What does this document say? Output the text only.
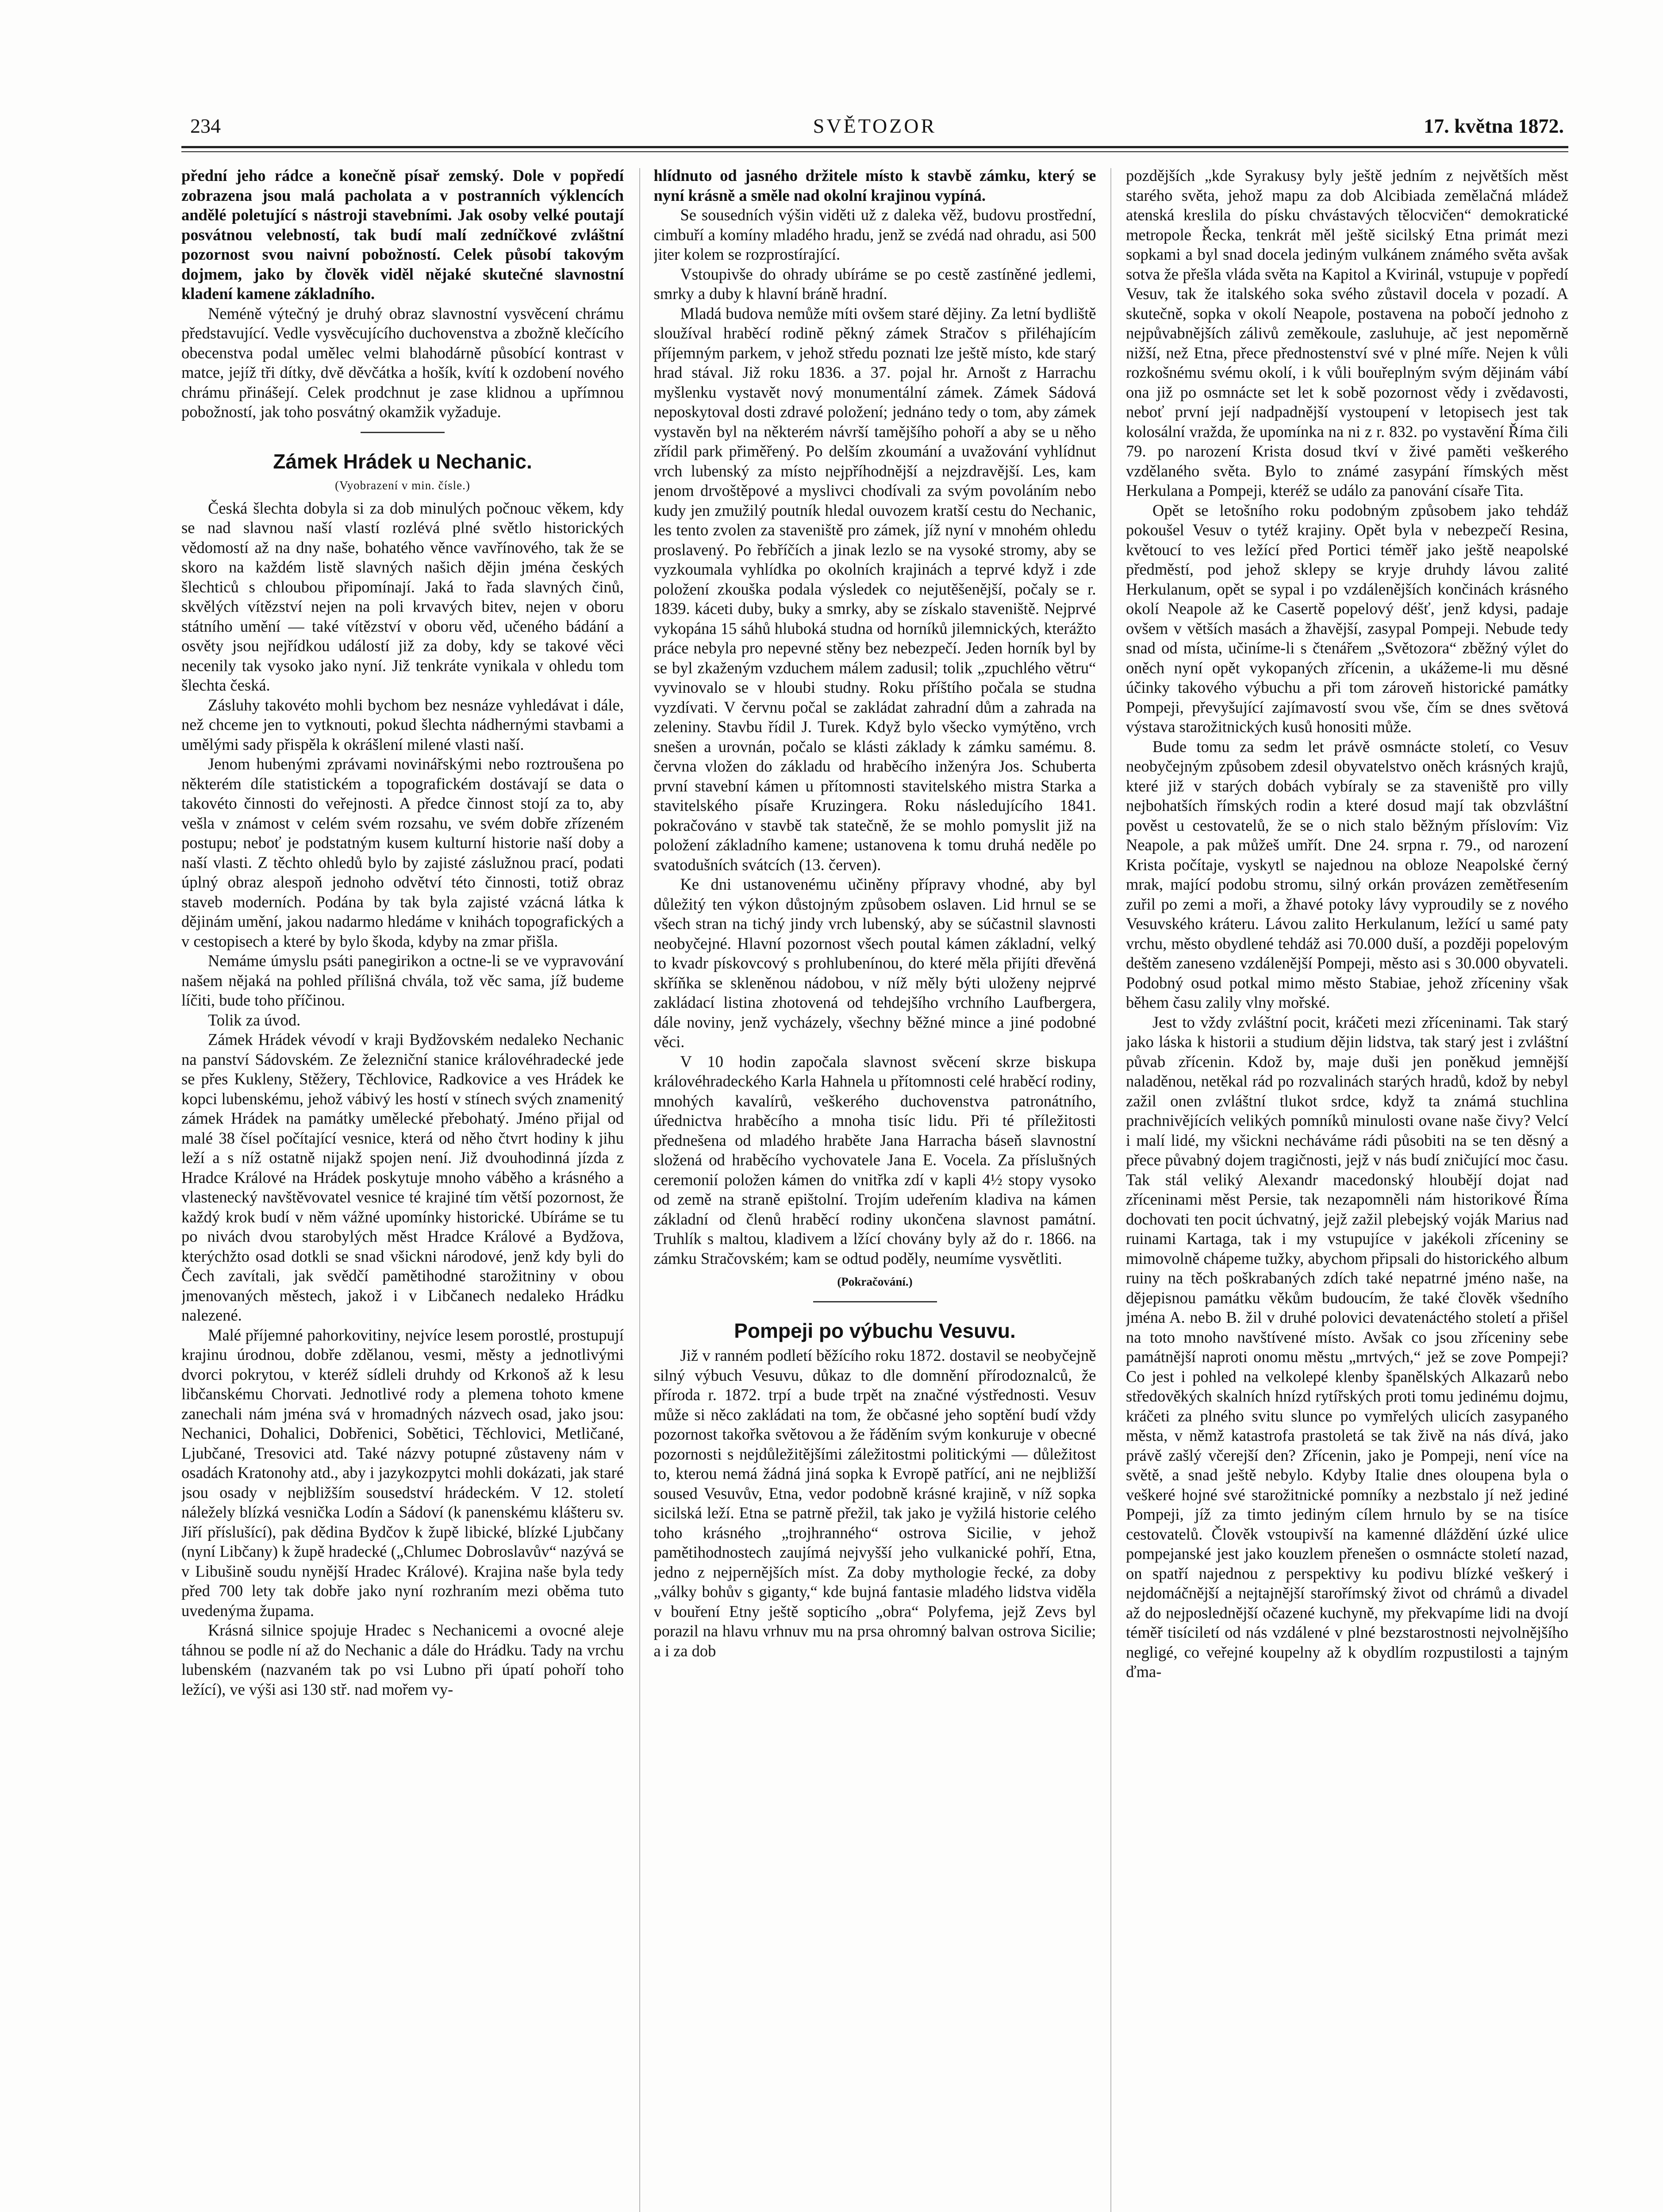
234	SVĚTOZOR	17. května 1872.

přední jeho rádce a konečně písař zemský. Dole v popředí zobrazena jsou malá pacholata a v postranních výklencích andělé poletující s nástroji stavebními. Jak osoby velké poutají posvátnou velebností, tak budí malí zedníčkové zvláštní pozornost svou naivní pobožností. Celek působí takovým dojmem, jako by člověk viděl nějaké skutečné slavnostní kladení kamene základního.

Neméně výtečný je druhý obraz slavnostní vysvěcení chrámu představující. Vedle vysvěcujícího duchovenstva a zbožně klečícího obecenstva podal umělec velmi blahodárně působící kontrast v matce, jejíž tři dítky, dvě děvčátka a hošík, kvítí k ozdobení nového chrámu přinášejí. Celek prodchnut je zase klidnou a upřímnou pobožností, jak toho posvátný okamžik vyžaduje.

Zámek Hrádek u Nechanic.
(Vyobrazení v min. čísle.)

Česká šlechta dobyla si za dob minulých počnouc věkem, kdy se nad slavnou naší vlastí rozlévá plné světlo historických vědomostí až na dny naše, bohatého věnce vavřínového, tak že se skoro na každém listě slavných našich dějin jména českých šlechticů s chloubou připomínají. Jaká to řada slavných činů, skvělých vítězství nejen na poli krvavých bitev, nejen v oboru státního umění — také vítězství v oboru věd, učeného bádání a osvěty jsou nejřídkou událostí již za doby, kdy se takové věci necenily tak vysoko jako nyní. Již tenkráte vynikala v ohledu tom šlechta česká.

Zásluhy takovéto mohli bychom bez nesnáze vyhledávat i dále, než chceme jen to vytknouti, pokud šlechta nádhernými stavbami a umělými sady přispěla k okrášlení milené vlasti naší.

Jenom hubenými zprávami novinářskými nebo roztroušena po některém díle statistickém a topografickém dostávají se data o takovéto činnosti do veřejnosti. A předce činnost stojí za to, aby vešla v známost v celém svém rozsahu, ve svém dobře zřízeném postupu; neboť je podstatným kusem kulturní historie naší doby a naší vlasti. Z těchto ohledů bylo by zajisté záslužnou prací, podati úplný obraz alespoň jednoho odvětví této činnosti, totiž obraz staveb moderních. Podána by tak byla zajisté vzácná látka k dějinám umění, jakou nadarmo hledáme v knihách topografických a v cestopisech a které by bylo škoda, kdyby na zmar přišla.

Nemáme úmyslu psáti panegirikon a octne-li se ve vypravování našem nějaká na pohled přílišná chvála, tož věc sama, jíž budeme líčiti, bude toho příčinou.

Tolik za úvod.

Zámek Hrádek vévodí v kraji Bydžovském nedaleko Nechanic na panství Sádovském. Ze železniční stanice královéhradecké jede se přes Kukleny, Stěžery, Těchlovice, Radkovice a ves Hrádek ke kopci lubenskému, jehož vábivý les hostí v stínech svých znamenitý zámek Hrádek na památky umělecké přebohatý. Jméno přijal od malé 38 čísel počítající vesnice, která od něho čtvrt hodiny k jihu leží a s níž ostatně nijakž spojen není. Již dvouhodinná jízda z Hradce Králové na Hrádek poskytuje mnoho váběho a krásného a vlastenecký navštěvovatel vesnice té krajiné tím větší pozornost, že každý krok budí v něm vážné upomínky historické. Ubíráme se tu po nivách dvou starobylých měst Hradce Králové a Bydžova, kterýchžto osad dotkli se snad všickni národové, jenž kdy byli do Čech zavítali, jak svědčí pamětihodné starožitniny v obou jmenovaných městech, jakož i v Libčanech nedaleko Hrádku nalezené.

Malé příjemné pahorkovitiny, nejvíce lesem porostlé, prostupují krajinu úrodnou, dobře zdělanou, vesmi, městy a jednotlivými dvorci pokrytou, v kteréž sídleli druhdy od Krkonoš až k lesu libčanskému Chorvati. Jednotlivé rody a plemena tohoto kmene zanechali nám jména svá v hromadných názvech osad, jako jsou: Nechanici, Dohalici, Dobřenici, Sobětici, Těchlovici, Metličané, Ljubčané, Tresovici atd. Také názvy potupné zůstaveny nám v osadách Kratonohy atd., aby i jazykozpytci mohli dokázati, jak staré jsou osady v nejbližším sousedství hrádeckém. V 12. století náležely blízká vesnička Lodín a Sádoví (k panenskému klášteru sv. Jiří příslušící), pak dědina Bydčov k župě libické, blízké Ljubčany (nyní Libčany) k župě hradecké („Chlumec Dobroslavův“ nazývá se v Libušině soudu nynější Hradec Králové). Krajina naše byla tedy před 700 lety tak dobře jako nyní rozhraním mezi oběma tuto uvedenýma župama.

Krásná silnice spojuje Hradec s Nechanicemi a ovocné aleje táhnou se podle ní až do Nechanic a dále do Hrádku. Tady na vrchu lubenském (nazvaném tak po vsi Lubno při úpatí pohoří toho ležící), ve výši asi 130 stř. nad mořem vy-

hlídnuto od jasného držitele místo k stavbě zámku, který se nyní krásně a směle nad okolní krajinou vypíná.

Se sousedních výšin viděti už z daleka věž, budovu prostřední, cimbuří a komíny mladého hradu, jenž se zvédá nad ohradu, asi 500 jiter kolem se rozprostírající.

Vstoupivše do ohrady ubíráme se po cestě zastíněné jedlemi, smrky a duby k hlavní bráně hradní.

Mladá budova nemůže míti ovšem staré dějiny. Za letní bydliště sloužíval hraběcí rodině pěkný zámek Stračov s přiléhajícím příjemným parkem, v jehož středu poznati lze ještě místo, kde starý hrad stával. Již roku 1836. a 37. pojal hr. Arnošt z Harrachu myšlenku vystavět nový monumentální zámek. Zámek Sádová neposkytoval dosti zdravé položení; jednáno tedy o tom, aby zámek vystavěn byl na některém návrší tamějšího pohoří a aby se u něho zřídil park přiměřený. Po delším zkoumání a uvažování vyhlídnut vrch lubenský za místo nejpříhodnější a nejzdravější. Les, kam jenom drvoštěpové a myslivci chodívali za svým povoláním nebo kudy jen zmužilý poutník hledal ouvozem kratší cestu do Nechanic, les tento zvolen za staveniště pro zámek, jíž nyní v mnohém ohledu proslavený. Po řebříčích a jinak lezlo se na vysoké stromy, aby se vyzkoumala vyhlídka po okolních krajinách a teprvé když i zde položení zkouška podala výsledek co nejutěšenější, počaly se r. 1839. káceti duby, buky a smrky, aby se získalo staveniště. Nejprvé vykopána 15 sáhů hluboká studna od horníků jilemnických, kterážto práce nebyla pro nepevné stěny bez nebezpečí. Jeden horník byl by se byl zkaženým vzduchem málem zadusil; tolik „zpuchlého větru“ vyvinovalo se v hloubi studny. Roku příštího počala se studna vyzdívati. V červnu počal se zakládat zahradní dům a zahrada na zeleniny. Stavbu řídil J. Turek. Když bylo všecko vymýtěno, vrch snešen a urovnán, počalo se klásti základy k zámku samému. 8. června vložen do základu od hraběcího inženýra Jos. Schuberta první stavební kámen u přítomnosti stavitelského mistra Starka a stavitelského písaře Kruzingera. Roku následujícího 1841. pokračováno v stavbě tak statečně, že se mohlo pomyslit již na položení základního kamene; ustanovena k tomu druhá neděle po svatodušních svátcích (13. červen).

Ke dni ustanovenému učiněny přípravy vhodné, aby byl důležitý ten výkon důstojným způsobem oslaven. Lid hrnul se se všech stran na tichý jindy vrch lubenský, aby se súčastnil slavnosti neobyčejné. Hlavní pozornost všech poutal kámen základní, velký to kvadr pískovcový s prohlubenínou, do které měla přijíti dřevěná skříňka se skleněnou nádobou, v níž měly býti uloženy nejprvé zakládací listina zhotovená od tehdejšího vrchního Laufbergera, dále noviny, jenž vycházely, všechny běžné mince a jiné podobné věci.

V 10 hodin započala slavnost svěcení skrze biskupa královéhradeckého Karla Hahnela u přítomnosti celé hraběcí rodiny, mnohých kavalírů, veškerého duchovenstva patronátního, úřednictva hraběcího a mnoha tisíc lidu. Při té příležitosti přednešena od mladého hraběte Jana Harracha báseň slavnostní složená od hraběcího vychovatele Jana E. Vocela. Za příslušných ceremonií položen kámen do vnitřka zdí v kapli 4½ stopy vysoko od země na straně epištolní. Trojím udeřením kladiva na kámen základní od členů hraběcí rodiny ukončena slavnost památní. Truhlík s maltou, kladivem a lžící chovány byly až do r. 1866. na zámku Stračovském; kam se odtud poděly, neumíme vysvětliti.

(Pokračování.)
Pompeji po výbuchu Vesuvu.

Již v ranném podletí běžícího roku 1872. dostavil se neobyčejně silný výbuch Vesuvu, důkaz to dle domnění přírodoznalců, že příroda r. 1872. trpí a bude trpět na značné výstřednosti. Vesuv může si něco zakládati na tom, že občasné jeho soptění budí vždy pozornost takořka světovou a že řáděním svým konkuruje v obecné pozornosti s nejdůležitějšími záležitostmi politickými — důležitost to, kterou nemá žádná jiná sopka k Evropě patřící, ani ne nejbližší soused Vesuvův, Etna, vedor podobně krásné krajině, v níž sopka sicilská leží. Etna se patrně přežil, tak jako je vyžilá historie celého toho krásného „trojhranného“ ostrova Sicilie, v jehož pamětihodnostech zaujímá nejvyšší jeho vulkanické pohří, Etna, jedno z nejpernějších míst. Za doby mythologie řecké, za doby „války bohův s giganty,“ kde bujná fantasie mladého lidstva viděla v bouření Etny ještě sopticího „obra“ Polyfema, jejž Zevs byl porazil na hlavu vrhnuv mu na prsa ohromný balvan ostrova Sicilie; a i za dob

pozdějších „kde Syrakusy byly ještě jedním z největších měst starého světa, jehož mapu za dob Alcibiada zemělačná mládež atenská kreslila do písku chvástavých tělocvičen“ demokratické metropole Řecka, tenkrát měl ještě sicilský Etna primát mezi sopkami a byl snad docela jediným vulkánem známého světa avšak sotva že přešla vláda světa na Kapitol a Kvirinál, vstupuje v popředí Vesuv, tak že italského soka svého zůstavil docela v pozadí. A skutečně, sopka v okolí Neapole, postavena na pobočí jednoho z nejpůvabnějších zálivů zeměkoule, zasluhuje, ač jest nepoměrně nižší, než Etna, přece přednostenství své v plné míře. Nejen k vůli rozkošnému svému okolí, i k vůli bouřeplným svým dějinám vábí ona již po osmnácte set let k sobě pozornost vědy i zvědavosti, neboť první její nadpadnější vystoupení v letopisech jest tak kolosální vražda, že upomínka na ni z r. 832. po vystavění Říma čili 79. po narození Krista dosud tkví v živé paměti veškerého vzdělaného světa. Bylo to známé zasypání římských měst Herkulana a Pompeji, kteréž se událo za panování císaře Tita.

Opět se letošního roku podobným způsobem jako tehdáž pokoušel Vesuv o tytéž krajiny. Opět byla v nebezpečí Resina, květoucí to ves ležící před Portici téměř jako ještě neapolské předměstí, pod jehož sklepy se kryje druhdy lávou zalité Herkulanum, opět se sypal i po vzdálenějších končinách krásného okolí Neapole až ke Casertě popelový déšť, jenž kdysi, padaje ovšem v větších masách a žhavější, zasypal Pompeji. Nebude tedy snad od místa, učiníme-li s čtenářem „Světozora“ zběžný výlet do oněch nyní opět vykopaných zřícenin, a ukážeme-li mu děsné účinky takového výbuchu a při tom zároveň historické památky Pompeji, převyšující zajímavostí svou vše, čím se dnes světová výstava starožitnických kusů honositi může.

Bude tomu za sedm let právě osmnácte století, co Vesuv neobyčejným způsobem zdesil obyvatelstvo oněch krásných krajů, které již v starých dobách vybíraly se za staveniště pro villy nejbohatších římských rodin a které dosud mají tak obzvláštní pověst u cestovatelů, že se o nich stalo běžným příslovím: Viz Neapole, a pak můžeš umřít. Dne 24. srpna r. 79., od narození Krista počítaje, vyskytl se najednou na obloze Neapolské černý mrak, mající podobu stromu, silný orkán provázen zemětřesením zuřil po zemi a moři, a žhavé potoky lávy vyproudily se z nového Vesuvského kráteru. Lávou zalito Herkulanum, ležící u samé paty vrchu, město obydlené tehdáž asi 70.000 duší, a později popelovým deštěm zaneseno vzdálenější Pompeji, město asi s 30.000 obyvateli. Podobný osud potkal mimo město Stabiae, jehož zříceniny však během času zalily vlny mořské.

Jest to vždy zvláštní pocit, kráčeti mezi zříceninami. Tak starý jako láska k historii a studium dějin lidstva, tak starý jest i zvláštní půvab zřícenin. Kdož by, maje duši jen poněkud jemnější naladěnou, netěkal rád po rozvalinách starých hradů, kdož by nebyl zažil onen zvláštní tlukot srdce, když ta známá stuchlina prachnivějících velikých pomníků minulosti ovane naše čivy? Velcí i malí lidé, my všickni necháváme rádi působiti na se ten děsný a přece půvabný dojem tragičnosti, jejž v nás budí zničující moc času. Tak stál veliký Alexandr macedonský hloubějí dojat nad zříceninami měst Persie, tak nezapomněli nám historikové Říma dochovati ten pocit úchvatný, jejž zažil plebejský voják Marius nad ruinami Kartaga, tak i my vstupujíce v jakékoli zříceniny se mimovolně chápeme tužky, abychom připsali do historického album ruiny na těch poškrabaných zdích také nepatrné jméno naše, na dějepisnou památku věkům budoucím, že také člověk všedního jména A. nebo B. žil v druhé polovici devatenáctého století a přišel na toto mnoho navštívené místo. Avšak co jsou zříceniny sebe památnější naproti onomu městu „mrtvých,“ jež se zove Pompeji? Co jest i pohled na velkolepé klenby španělských Alkazarů nebo středověkých skalních hnízd rytířských proti tomu jedinému dojmu, kráčeti za plného svitu slunce po vymřelých ulicích zasypaného města, v němž katastrofa prastoletá se tak živě na nás dívá, jako právě zašlý včerejší den? Zřícenin, jako je Pompeji, není více na světě, a snad ještě nebylo. Kdyby Italie dnes oloupena byla o veškeré hojné své starožitnické pomníky a nezbstalo jí než jediné Pompeji, jíž za timto jediným cílem hrnulo by se na tisíce cestovatelů. Člověk vstoupivší na kamenné dláždění úzké ulice pompejanské jest jako kouzlem přenešen o osmnácte století nazad, on spatří najednou z perspektivy ku podivu blízké veškerý i nejdomáčnější a nejtajnější starořímský život od chrámů a divadel až do nejposlednější očazené kuchyně, my překvapíme lidi na dvojí téměř tisíciletí od nás vzdálené v plné bezstarostnosti nejvolnějšího negligé, co veřejné koupelny až k obydlím rozpustilosti a tajným ďma-
